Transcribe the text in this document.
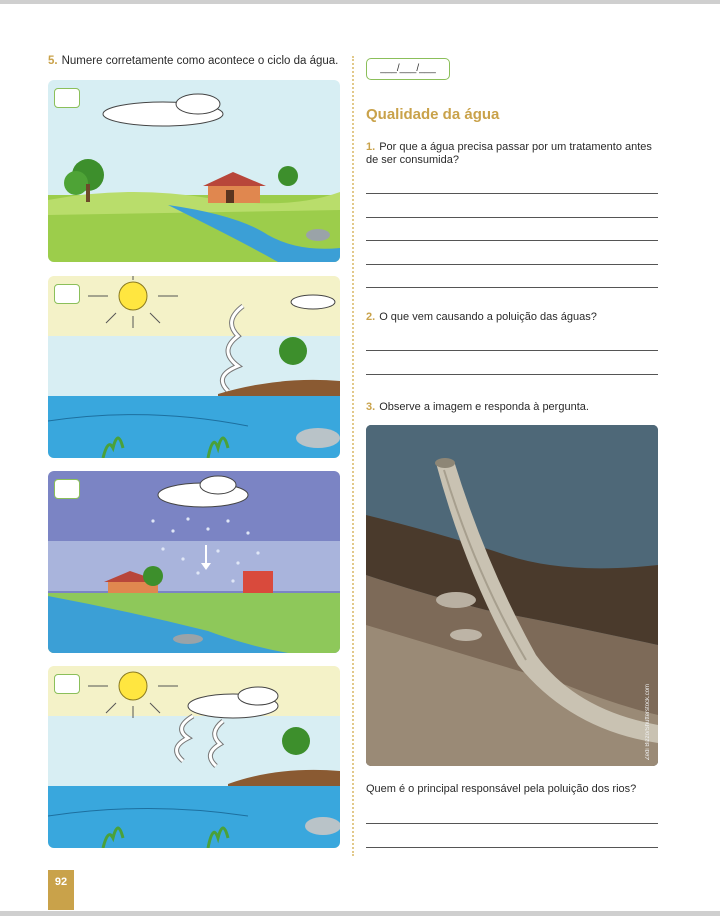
5. Numere corretamente como acontece o ciclo da água.
___/___/___
Qualidade da água
1. Por que a água precisa passar por um tratamento antes de ser consumida?
2. O que vem causando a poluição das águas?
3. Observe a imagem e responda à pergunta.
Zedi Bizzo/Shutterstock.com
Quem é o principal responsável pela poluição dos rios?
92
